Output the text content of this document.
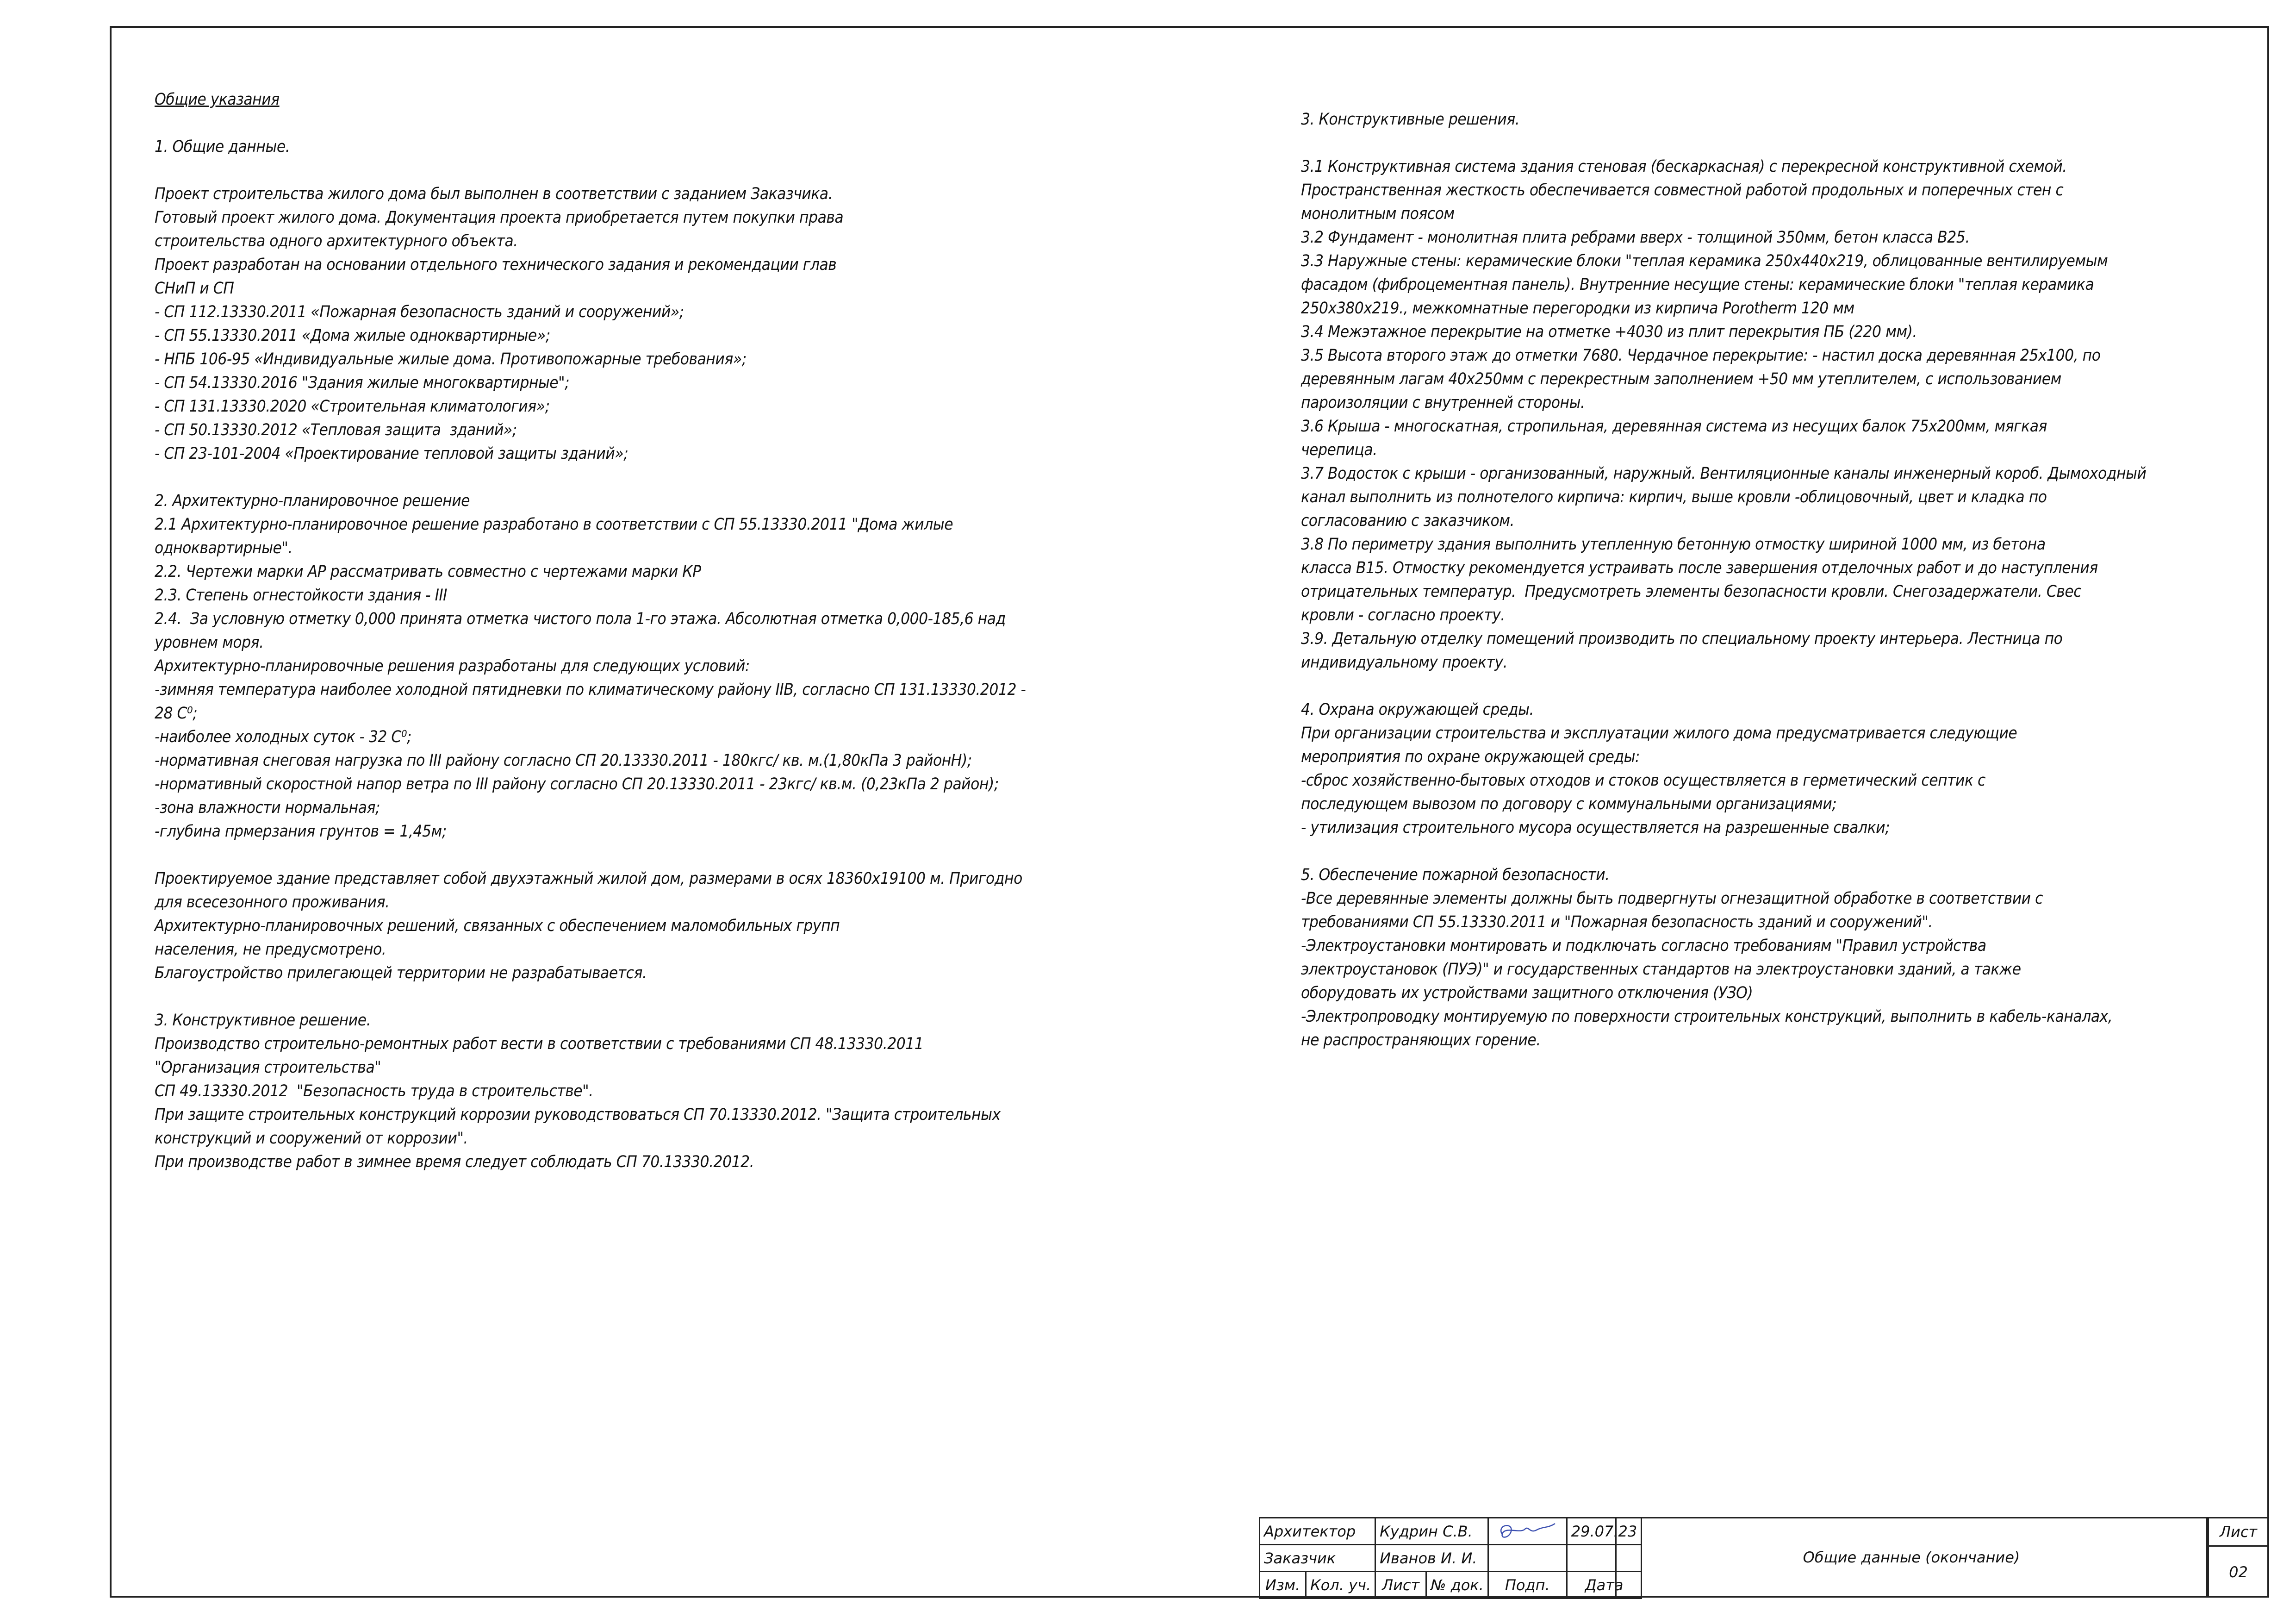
Общие указания

1. Общие данные.

Проект строительства жилого дома был выполнен в соответствии с заданием Заказчика.

Готовый проект жилого дома. Документация проекта приобретается путем покупки права

строительства одного архитектурного объекта.

Проект разработан на основании отдельного технического задания и рекомендации глав

СНиП и СП

- СП 112.13330.2011 «Пожарная безопасность зданий и сооружений»;

- СП 55.13330.2011 «Дома жилые одноквартирные»;

- НПБ 106-95 «Индивидуальные жилые дома. Противопожарные требования»;

- СП 54.13330.2016 "Здания жилые многоквартирные";

- СП 131.13330.2020 «Строительная климатология»;

- СП 50.13330.2012 «Тепловая защита  зданий»;

- СП 23-101-2004 «Проектирование тепловой защиты зданий»;

2. Архитектурно-планировочное решение

2.1 Архитектурно-планировочное решение разработано в соответствии с СП 55.13330.2011 "Дома жилые

одноквартирные".

2.2. Чертежи марки АР рассматривать совместно с чертежами марки КР

2.3. Степень огнестойкости здания - III

2.4.  За условную отметку 0,000 принята отметка чистого пола 1-го этажа. Абсолютная отметка 0,000-185,6 над

уровнем моря.

Архитектурно-планировочные решения разработаны для следующих условий:

-зимняя температура наиболее холодной пятидневки по климатическому району IIВ, согласно СП 131.13330.2012 -

28 С⁰;

-наиболее холодных суток - 32 С⁰;

-нормативная снеговая нагрузка по III району согласно СП 20.13330.2011 - 180кгс/ кв. м.(1,80кПа 3 районН);

-нормативный скоростной напор ветра по III району согласно СП 20.13330.2011 - 23кгс/ кв.м. (0,23кПа 2 район);

-зона влажности нормальная;

-глубина прмерзания грунтов = 1,45м;

Проектируемое здание представляет собой двухэтажный жилой дом, размерами в осях 18360х19100 м. Пригодно

для всесезонного проживания.

Архитектурно-планировочных решений, связанных с обеспечением маломобильных групп

населения, не предусмотрено.

Благоустройство прилегающей территории не разрабатывается.

3. Конструктивное решение.

Производство строительно-ремонтных работ вести в соответствии с требованиями СП 48.13330.2011

"Организация строительства"

СП 49.13330.2012  "Безопасность труда в строительстве".

При защите строительных конструкций коррозии руководствоваться СП 70.13330.2012. "Защита строительных

конструкций и сооружений от коррозии".

При производстве работ в зимнее время следует соблюдать СП 70.13330.2012.

3. Конструктивные решения.

3.1 Конструктивная система здания стеновая (бескаркасная) с перекресной конструктивной схемой.

Пространственная жесткость обеспечивается совместной работой продольных и поперечных стен с

монолитным поясом

3.2 Фундамент - монолитная плита ребрами вверх - толщиной 350мм, бетон класса В25.

3.3 Наружные стены: керамические блоки "теплая керамика 250х440х219, облицованные вентилируемым

фасадом (фиброцементная панель). Внутренние несущие стены: керамические блоки "теплая керамика

250х380х219., межкомнатные перегородки из кирпича Porotherm 120 мм

3.4 Межэтажное перекрытие на отметке +4030 из плит перекрытия ПБ (220 мм).

3.5 Высота второго этаж до отметки 7680. Чердачное перекрытие: - настил доска деревянная 25х100, по

деревянным лагам 40х250мм с перекрестным заполнением +50 мм утеплителем, с использованием

пароизоляции с внутренней стороны.

3.6 Крыша - многоскатная, стропильная, деревянная система из несущих балок 75х200мм, мягкая

черепица.

3.7 Водосток с крыши - организованный, наружный. Вентиляционные каналы инженерный короб. Дымоходный

канал выполнить из полнотелого кирпича: кирпич, выше кровли -облицовочный, цвет и кладка по

согласованию с заказчиком.

3.8 По периметру здания выполнить утепленную бетонную отмостку шириной 1000 мм, из бетона

класса В15. Отмостку рекомендуется устраивать после завершения отделочных работ и до наступления

отрицательных температур.  Предусмотреть элементы безопасности кровли. Снегозадержатели. Свес

кровли - согласно проекту.

3.9. Детальную отделку помещений производить по специальному проекту интерьера. Лестница по

индивидуальному проекту.

4. Охрана окружающей среды.

При организации строительства и эксплуатации жилого дома предусматривается следующие

мероприятия по охране окружающей среды:

-сброс хозяйственно-бытовых отходов и стоков осуществляется в герметический септик с

последующем вывозом по договору с коммунальными организациями;

- утилизация строительного мусора осуществляется на разрешенные свалки;

5. Обеспечение пожарной безопасности.

-Все деревянные элементы должны быть подвергнуты огнезащитной обработке в соответствии с

требованиями СП 55.13330.2011 и "Пожарная безопасность зданий и сооружений".

-Электроустановки монтировать и подключать согласно требованиям "Правил устройства

электроустановок (ПУЭ)" и государственных стандартов на электроустановки зданий, а также

оборудовать их устройствами защитного отключения (УЗО)

-Электропроводку монтируемую по поверхности строительных конструкций, выполнить в кабель-каналах,

не распространяющих горение.

Архитектор		Кудрин С.В.			29.07.23
Заказчик		Иванов И. И.			
Изм.	Кол. уч.	Лист	№ док.	Подп.	Дата
Общие данные (окончание)
Лист
02
